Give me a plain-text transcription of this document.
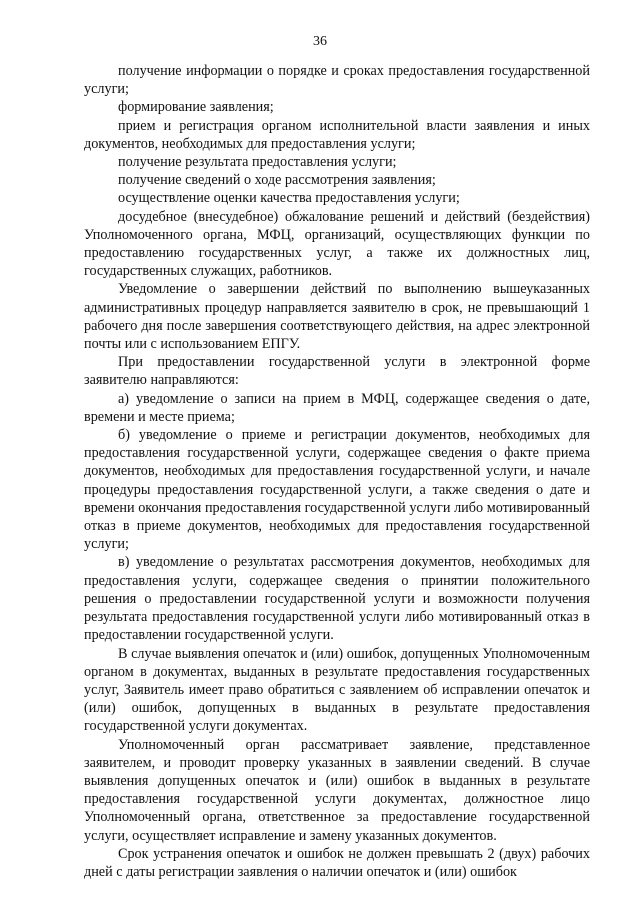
36

получение информации о порядке и сроках предоставления государственной услуги;

формирование заявления;

прием и регистрация органом исполнительной власти заявления и иных документов, необходимых для предоставления услуги;

получение результата предоставления услуги;

получение сведений о ходе рассмотрения заявления;

осуществление оценки качества предоставления услуги;

досудебное (внесудебное) обжалование решений и действий (бездействия) Уполномоченного органа, МФЦ, организаций, осуществляющих функции по предоставлению государственных услуг, а также их должностных лиц, государственных служащих, работников.

Уведомление о завершении действий по выполнению вышеуказанных административных процедур направляется заявителю в срок, не превышающий 1 рабочего дня после завершения соответствующего действия, на адрес электронной почты или с использованием ЕПГУ.

При предоставлении государственной услуги в электронной форме заявителю направляются:

а) уведомление о записи на прием в МФЦ, содержащее сведения о дате, времени и месте приема;

б) уведомление о приеме и регистрации документов, необходимых для предоставления государственной услуги, содержащее сведения о факте приема документов, необходимых для предоставления государственной услуги, и начале процедуры предоставления государственной услуги, а также сведения о дате и времени окончания предоставления государственной услуги либо мотивированный отказ в приеме документов, необходимых для предоставления государственной услуги;

в) уведомление о результатах рассмотрения документов, необходимых для предоставления услуги, содержащее сведения о принятии положительного решения о предоставлении государственной услуги и возможности получения результата предоставления государственной услуги либо мотивированный отказ в предоставлении государственной услуги.

В случае выявления опечаток и (или) ошибок, допущенных Уполномоченным органом в документах, выданных в результате предоставления государственных услуг, Заявитель имеет право обратиться с заявлением об исправлении опечаток и (или) ошибок, допущенных в выданных в результате предоставления государственной услуги документах.

Уполномоченный орган рассматривает заявление, представленное заявителем, и проводит проверку указанных в заявлении сведений. В случае выявления допущенных опечаток и (или) ошибок в выданных в результате предоставления государственной услуги документах, должностное лицо Уполномоченный органа, ответственное за предоставление государственной услуги, осуществляет исправление и замену указанных документов.

Срок устранения опечаток и ошибок не должен превышать 2 (двух) рабочих дней с даты регистрации заявления о наличии опечаток и (или) ошибок
